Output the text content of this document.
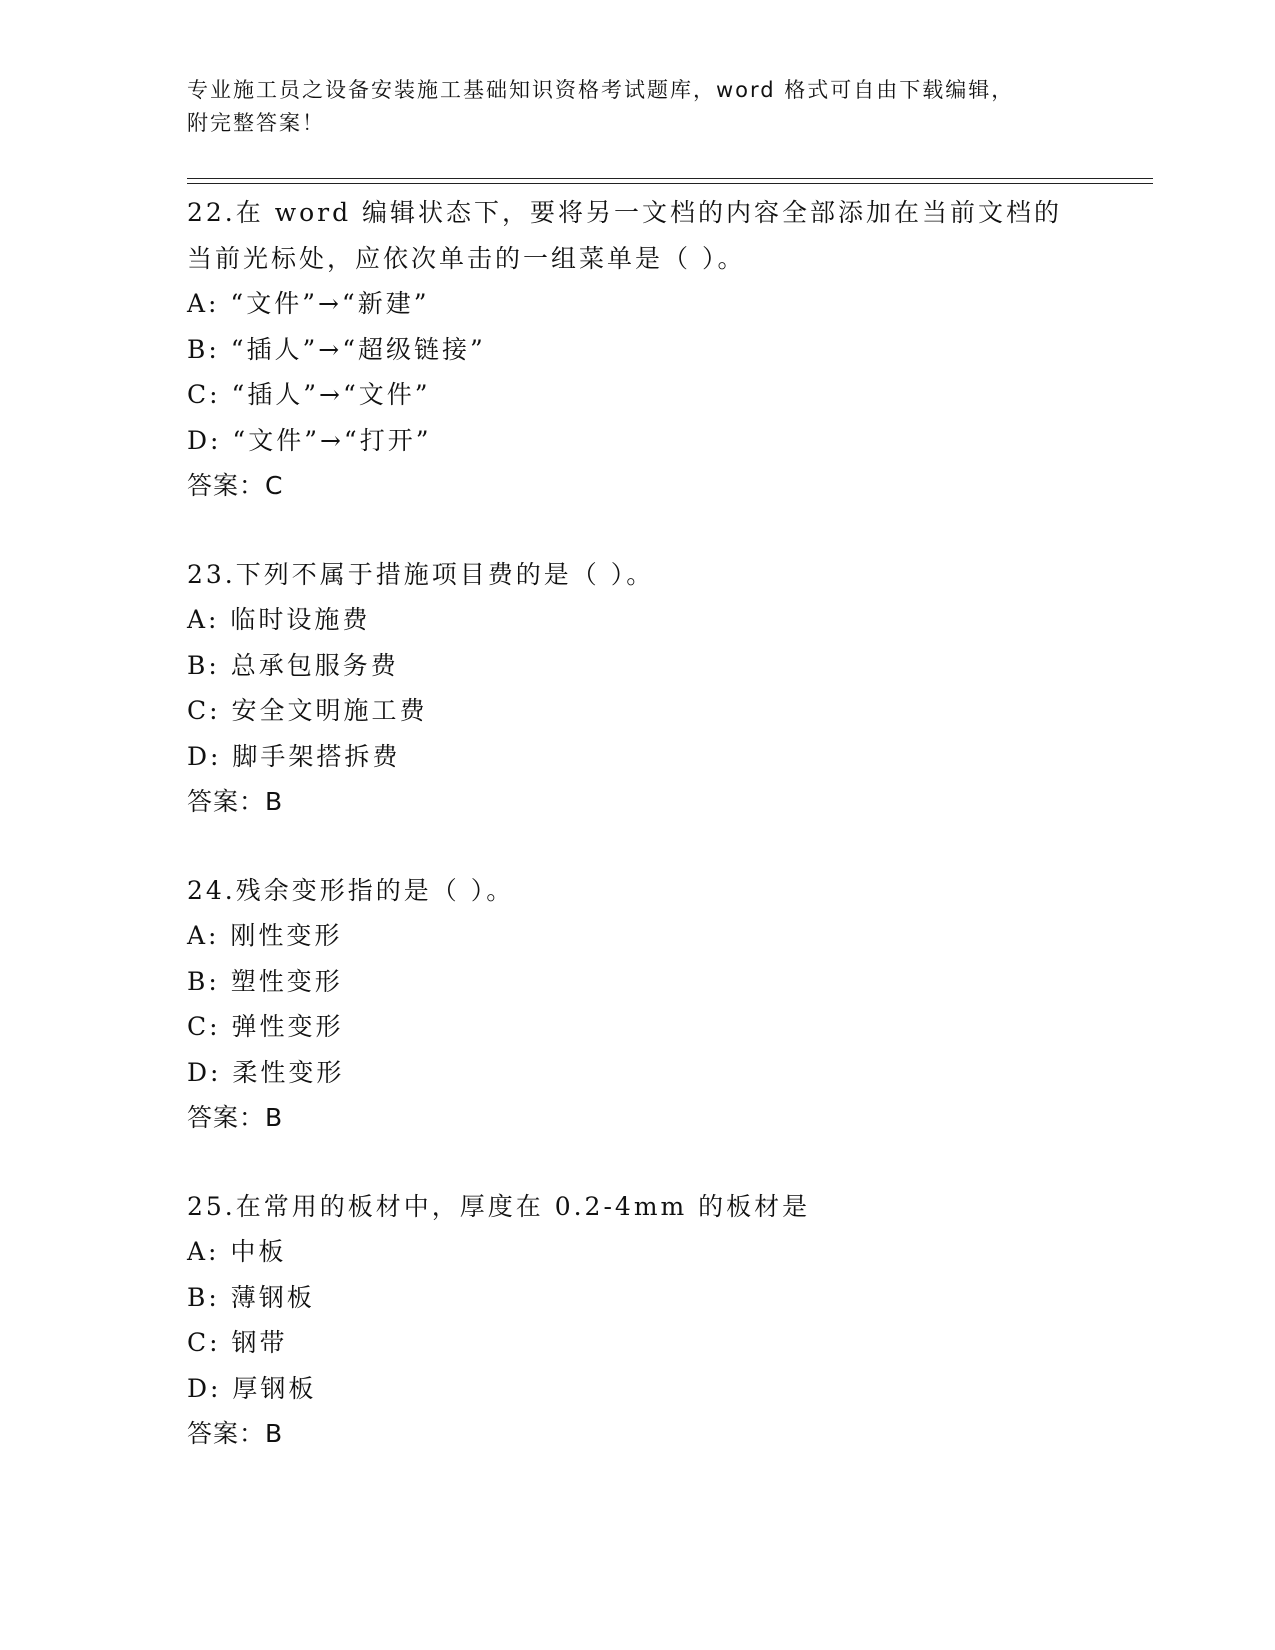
专业施工员之设备安装施工基础知识资格考试题库，word 格式可自由下载编辑，
附完整答案！
22.在 word 编辑状态下，要将另一文档的内容全部添加在当前文档的
当前光标处，应依次单击的一组菜单是（ ）。
A: “文件”→“新建”
B: “插人”→“超级链接”
C: “插人”→“文件”
D: “文件”→“打开”
答案：C
23.下列不属于措施项目费的是（ ）。
A: 临时设施费
B: 总承包服务费
C: 安全文明施工费
D: 脚手架搭拆费
答案：B
24.残余变形指的是（ ）。
A: 刚性变形
B: 塑性变形
C: 弹性变形
D: 柔性变形
答案：B
25.在常用的板材中，厚度在 0.2-4mm 的板材是
A: 中板
B: 薄钢板
C: 钢带
D: 厚钢板
答案：B
